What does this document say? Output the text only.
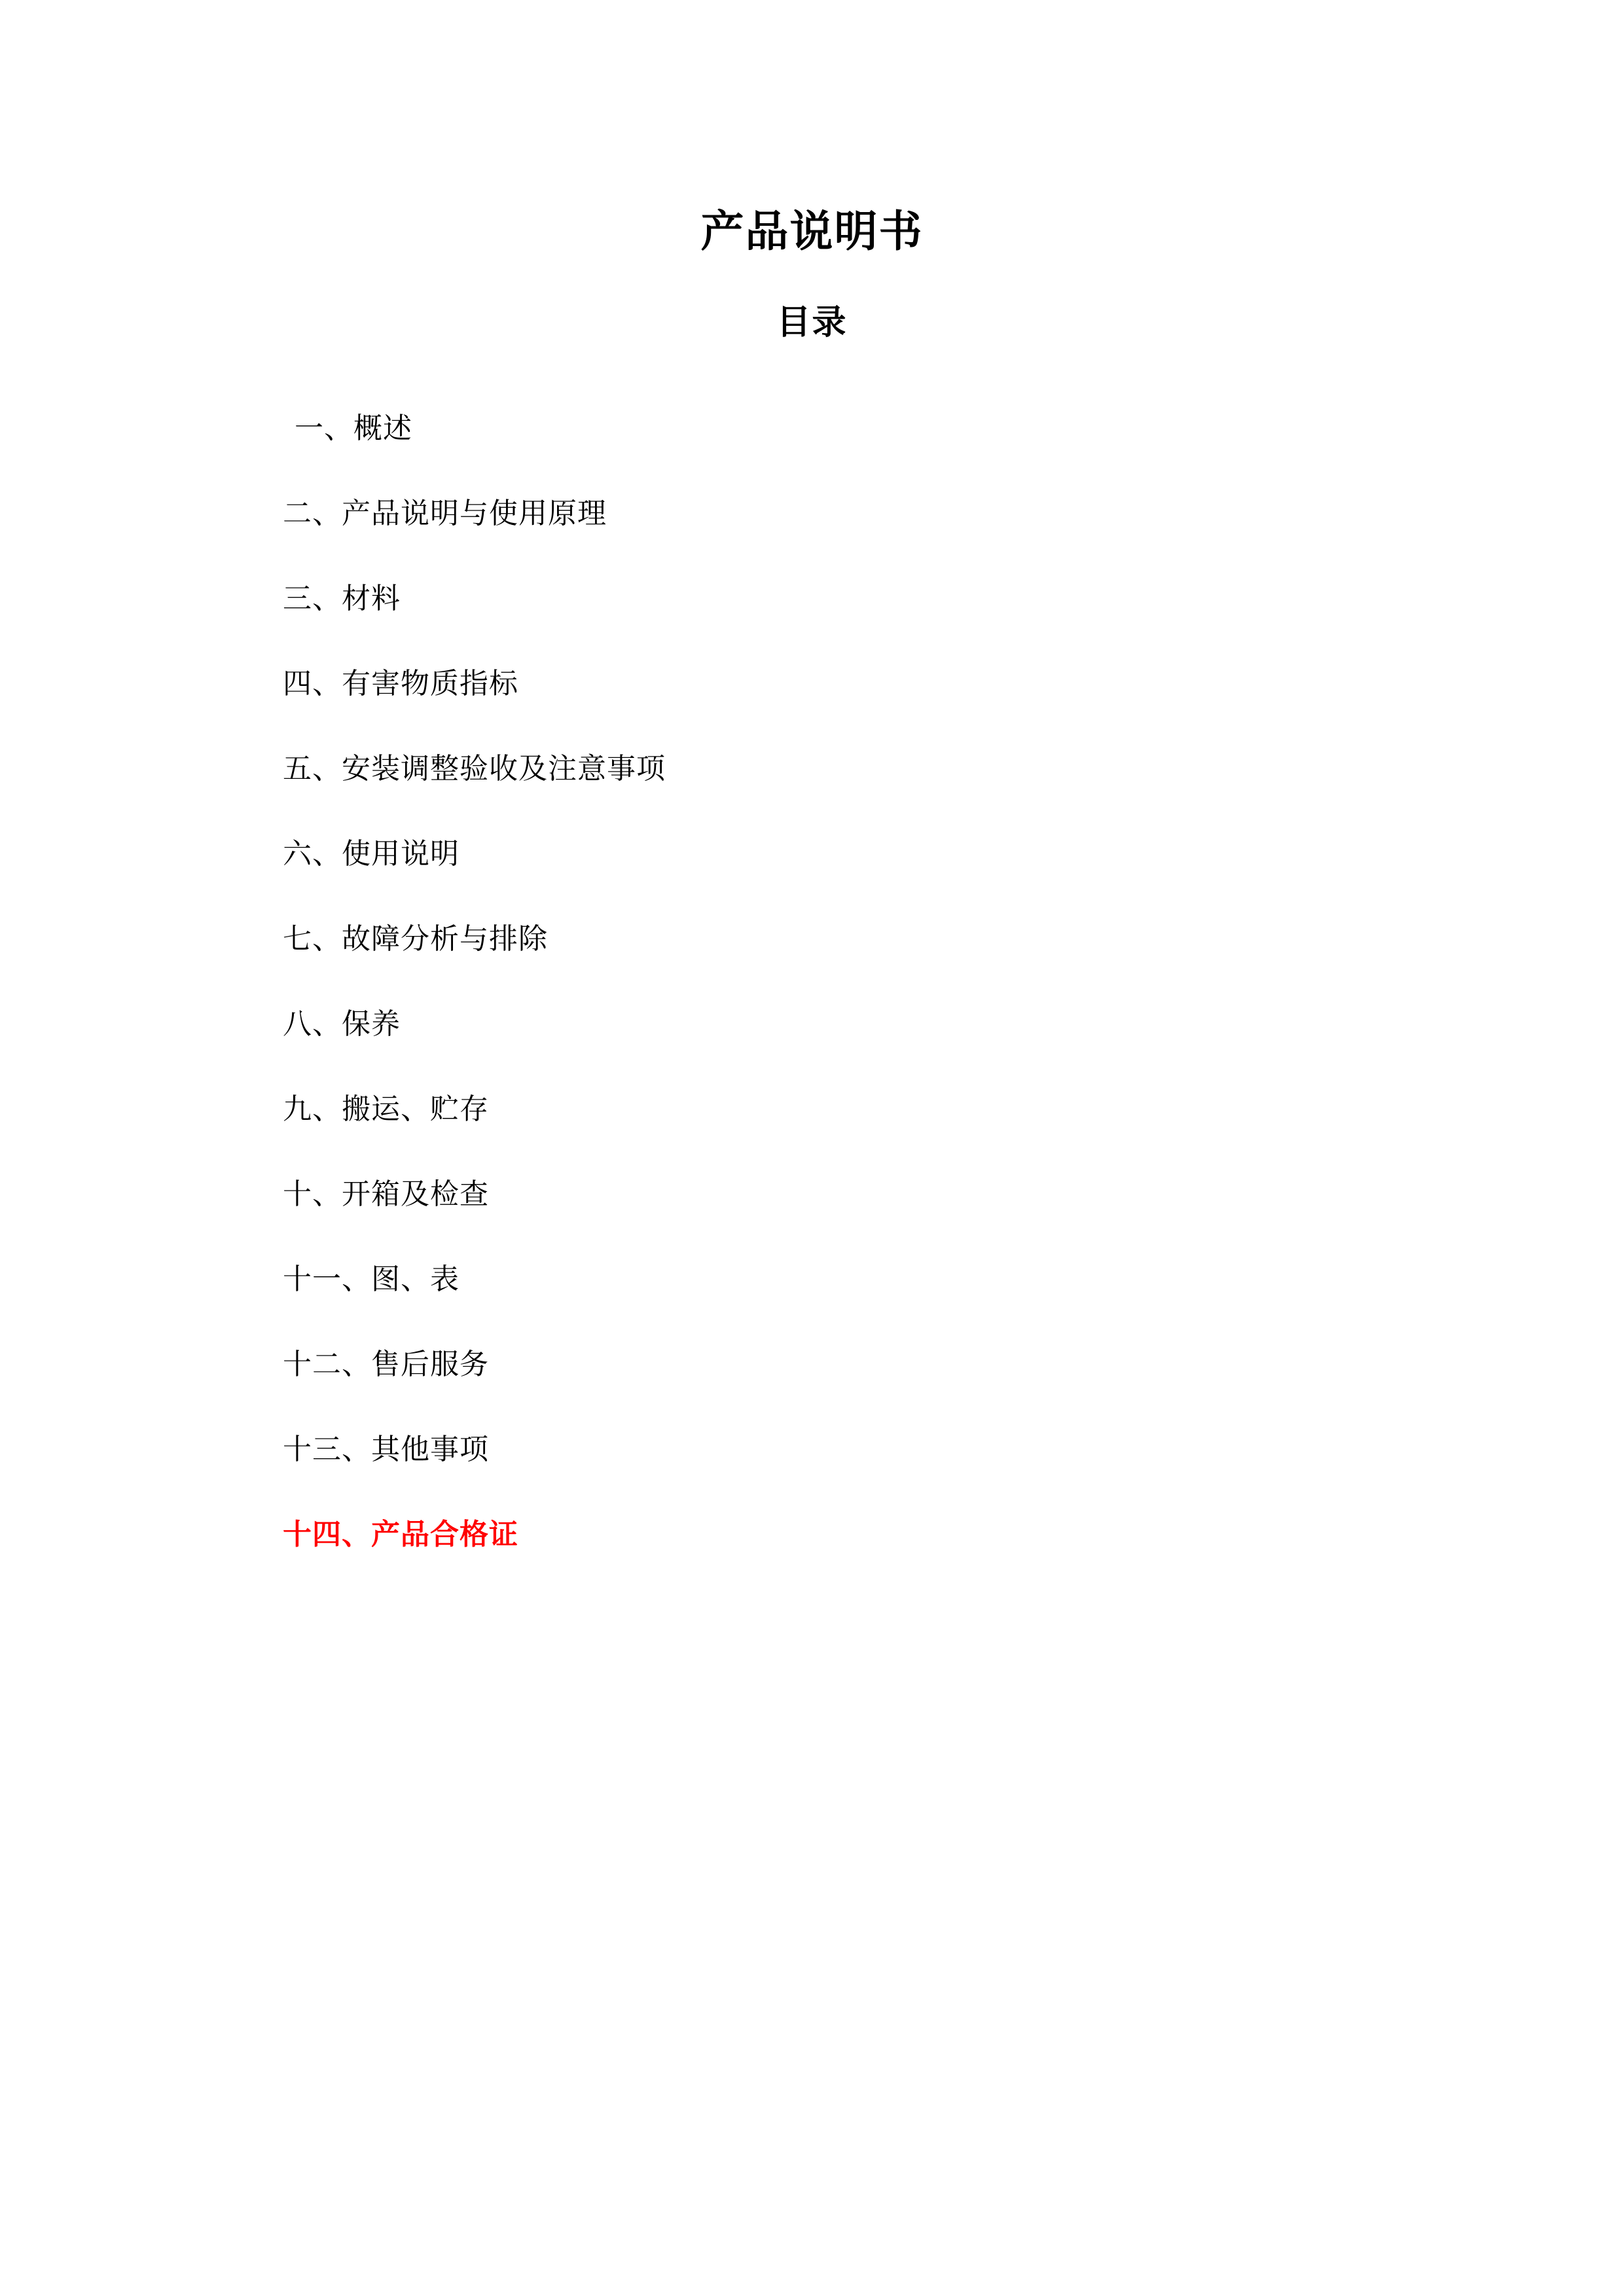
产品说明书
目录
一、概述
二、产品说明与使用原理
三、材料
四、有害物质指标
五、安装调整验收及注意事项
六、使用说明
七、故障分析与排除
八、保养
九、搬运、贮存
十、开箱及检查
十一、图、表
十二、售后服务
十三、其他事项
十四、产品合格证
